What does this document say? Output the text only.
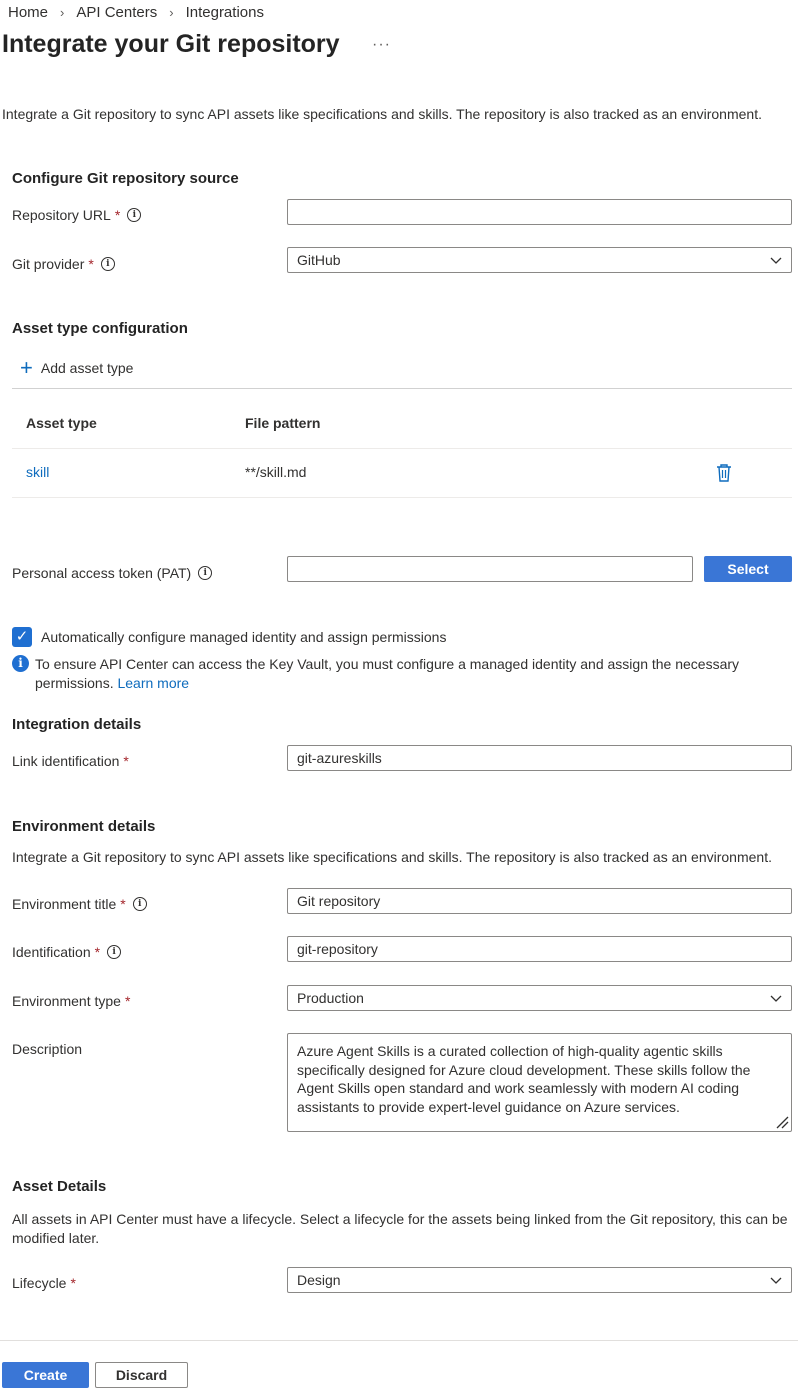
Home › API Centers › Integrations
Integrate your Git repository ···
Integrate a Git repository to sync API assets like specifications and skills. The repository is also tracked as an environment.
Configure Git repository source
Repository URL *	i
Git provider *	i	GitHub
Asset type configuration
+ Add asset type
Asset type	File pattern
skill	**/skill.md
Personal access token (PAT)	i	Select
✓ Automatically configure managed identity and assign permissions
i To ensure API Center can access the Key Vault, you must configure a managed identity and assign the necessary permissions. Learn more
Integration details
Link identification *	git-azureskills
Environment details
Integrate a Git repository to sync API assets like specifications and skills. The repository is also tracked as an environment.
Environment title *	i	Git repository
Identification *	i	git-repository
Environment type *	Production
Description	Azure Agent Skills is a curated collection of high-quality agentic skills specifically designed for Azure cloud development. These skills follow the Agent Skills open standard and work seamlessly with modern AI coding assistants to provide expert-level guidance on Azure services.
Asset Details
All assets in API Center must have a lifecycle. Select a lifecycle for the assets being linked from the Git repository, this can be modified later.
Lifecycle *	Design
Create	Discard
